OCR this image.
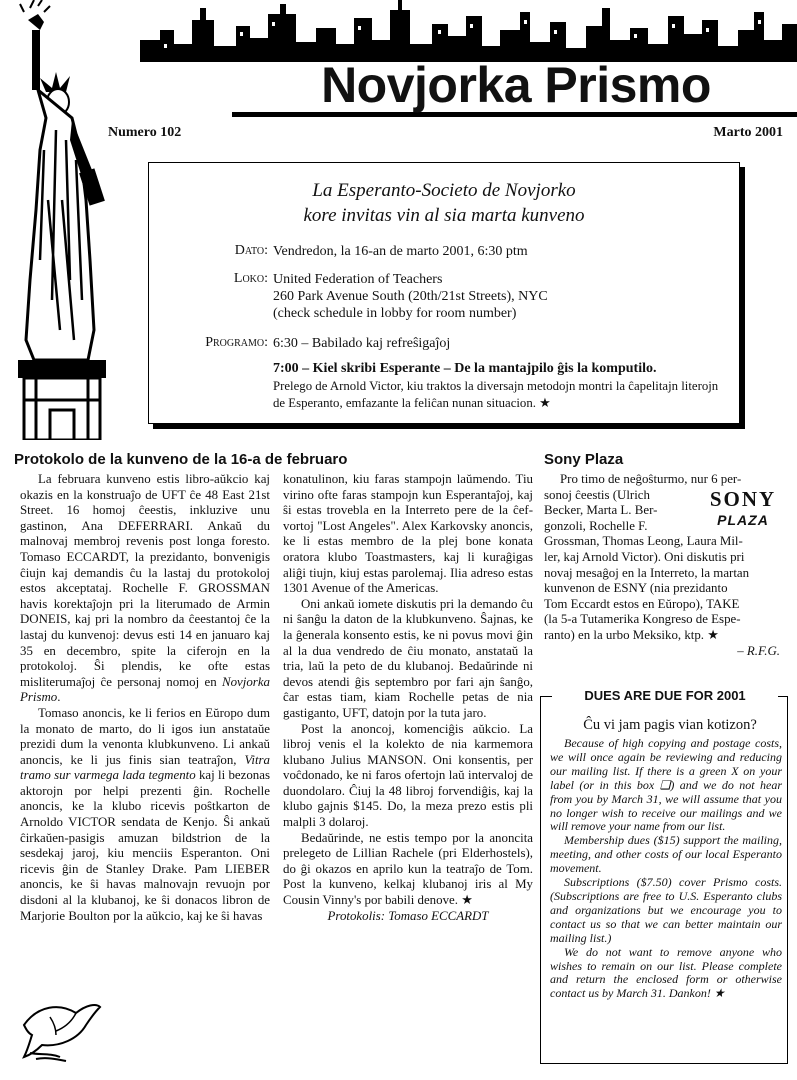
Novjorka Prismo
Numero 102	Marto 2001
La Esperanto-Societo de Novjorko
kore invitas vin al sia marta kunveno
Dato: Vendredon, la 16-an de marto 2001, 6:30 ptm
Loko: United Federation of Teachers
260 Park Avenue South (20th/21st Streets), NYC
(check schedule in lobby for room number)
Programo: 6:30 – Babilado kaj refreŝigaĵoj
7:00 – Kiel skribi Esperante – De la mantajpilo ĝis la komputilo.
Prelego de Arnold Victor, kiu traktos la diversajn metodojn montri la ĉapelitajn literojn de Esperanto, emfazante la feliĉan nunan situacion. ★
Protokolo de la kunveno de la 16-a de februaro

La februara kunveno estis libro-aŭkcio kaj okazis en la konstruaĵo de UFT ĉe 48 East 21st Street. 16 homoj ĉeestis, inkluzive unu gastinon, Ana DEFERRARI. Ankaŭ du malnovaj membroj revenis post longa foresto. Tomaso ECCARDT, la prezidanto, bonvenigis ĉiujn kaj demandis ĉu la lastaj du protokoloj estos akceptataj. Rochelle F. GROSSMAN havis korektaĵojn pri la literumado de Armin DONEIS, kaj pri la nombro da ĉeestantoj ĉe la lastaj du kunvenoj: devus esti 14 en januaro kaj 35 en decembro, spite la ciferojn en la protokoloj. Ŝi plendis, ke ofte estas misliterumaĵoj ĉe personaj nomoj en Novjorka Prismo.

Tomaso anoncis, ke li ferios en Eŭropo dum la monato de marto, do li igos iun anstataŭe prezidi dum la venonta klubkunveno. Li ankaŭ anoncis, ke li jus finis sian teatraĵon, Vitra tramo sur varmega lada tegmento kaj li bezonas aktorojn por helpi prezenti ĝin. Rochelle anoncis, ke la klubo ricevis poŝtkarton de Arnoldo VICTOR sendata de Kenjo. Ŝi ankaŭ ĉirkaŭen-pasigis amuzan bildstrion de la sesdekaj jaroj, kiu menciis Esperanton. Oni ricevis ĝin de Stanley Drake. Pam LIEBER anoncis, ke ŝi havas malnovajn revuojn por disdoni al la klubanoj, ke ŝi donacos libron de Marjorie Boulton por la aŭkcio, kaj ke ŝi havas

konatulinon, kiu faras stampojn laŭmendo. Tiu virino ofte faras stampojn kun Esperantaĵoj, kaj ŝi estas trovebla en la Interreto pere de la ĉef-vortoj "Lost Angeles". Alex Karkovsky anoncis, ke li estas membro de la plej bone konata oratora klubo Toastmasters, kaj li kuraĝigas aliĝi tiujn, kiuj estas parolemaj. Ilia adreso estas 1301 Avenue of the Americas.

Oni ankaŭ iomete diskutis pri la demando ĉu ni ŝanĝu la daton de la klubkunveno. Ŝajnas, ke la ĝenerala konsento estis, ke ni povus movi ĝin al la dua vendredo de ĉiu monato, anstataŭ la tria, laŭ la peto de du klubanoj. Bedaŭrinde ni devos atendi ĝis septembro por fari ajn ŝanĝo, ĉar estas tiam, kiam Rochelle petas de nia gastiganto, UFT, datojn por la tuta jaro.

Post la anoncoj, komenciĝis aŭkcio. La libroj venis el la kolekto de nia karmemora klubano Julius MANSON. Oni konsentis, per voĉdonado, ke ni faros ofertojn laŭ intervaloj de duondolaro. Ĉiuj la 48 libroj forvendiĝis, kaj la klubo gajnis $145. Do, la meza prezo estis pli malpli 3 dolaroj.

Bedaŭrinde, ne estis tempo por la anoncita prelegeto de Lillian Rachele (pri Elderhostels), do ĝi okazos en aprilo kun la teatraĵo de Tom. Post la kunveno, kelkaj klubanoj iris al My Cousin Vinny's por babili denove. ★

Protokolis: Tomaso ECCARDT
Sony Plaza
SONY
PLAZA
Pro timo de neĝoŝturmo, nur 6 per-
sonoj ĉeestis (Ulrich
Becker, Marta L. Ber-
gonzoli, Rochelle F.
Grossman, Thomas Leong, Laura Mil-
ler, kaj Arnold Victor). Oni diskutis pri
novaj mesaĝoj en la Interreto, la martan
kunvenon de ESNY (nia prezidanto
Tom Eccardt estos en Eŭropo), TAKE
(la 5-a Tutamerika Kongreso de Espe-
ranto) en la urbo Meksiko, ktp. ★
– R.F.G.
DUES ARE DUE FOR 2001
Ĉu vi jam pagis vian kotizon?

Because of high copying and postage costs, we will once again be reviewing and reducing our mailing list. If there is a green X on your label (or in this box ❑) and we do not hear from you by March 31, we will assume that you no longer wish to receive our mailings and we will remove your name from our list.

Membership dues ($15) support the mailing, meeting, and other costs of our local Esperanto movement.

Subscriptions ($7.50) cover Prismo costs. (Subscriptions are free to U.S. Esperanto clubs and organizations but we encourage you to contact us so that we can better maintain our mailing list.)

We do not want to remove anyone who wishes to remain on our list. Please complete and return the enclosed form or otherwise contact us by March 31. Dankon! ★
